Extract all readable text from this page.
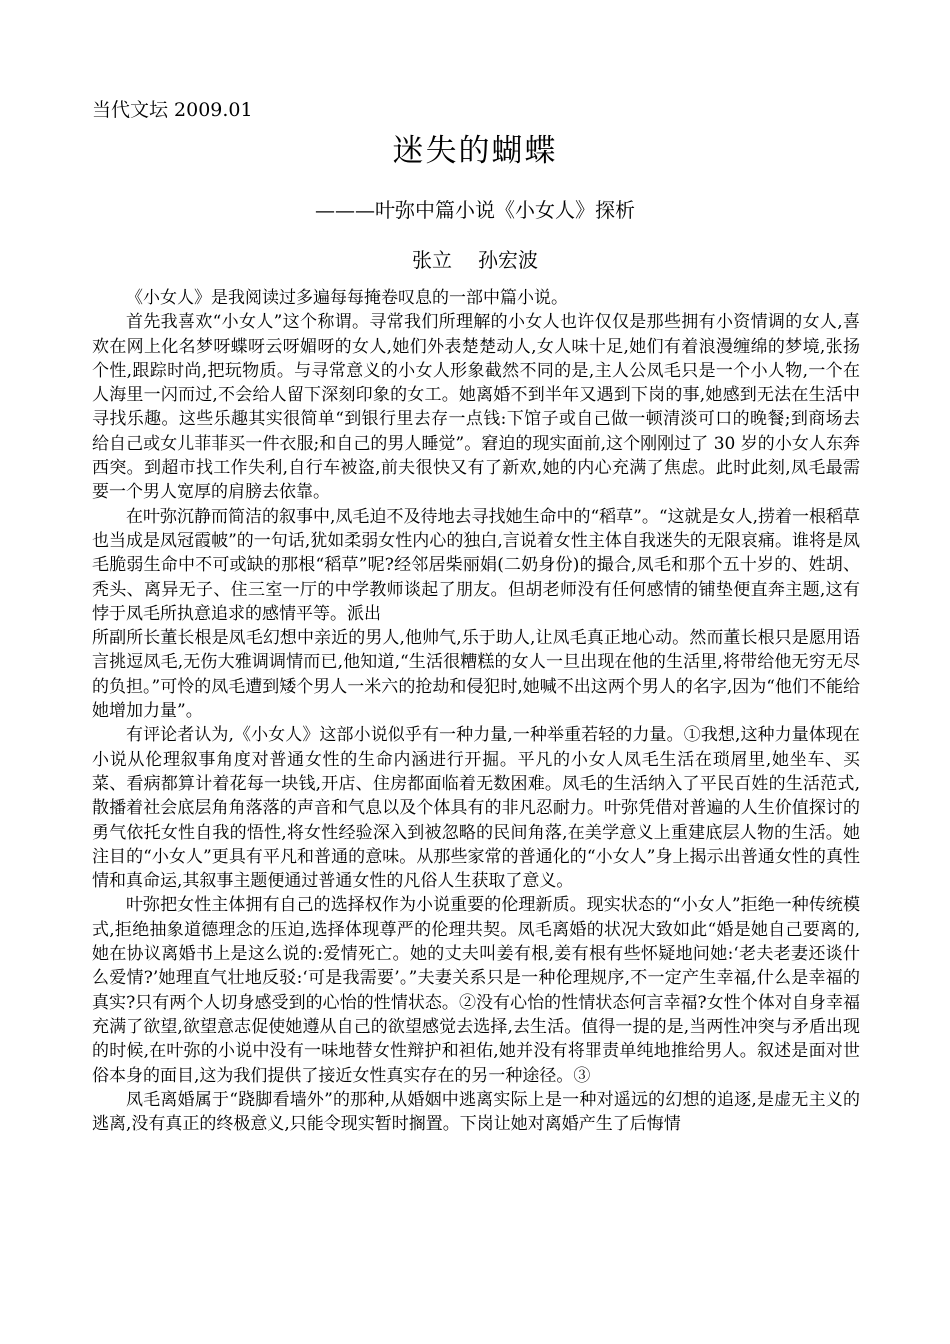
当代文坛 2009.01
迷失的蝴蝶
———叶弥中篇小说《小女人》探析
张立 孙宏波

《小女人》是我阅读过多遍每每掩卷叹息的一部中篇小说。

首先我喜欢“小女人”这个称谓。寻常我们所理解的小女人也许仅仅是那些拥有小资情调的女人,喜欢在网上化名梦呀蝶呀云呀媚呀的女人,她们外表楚楚动人,女人味十足,她们有着浪漫缠绵的梦境,张扬个性,跟踪时尚,把玩物质。与寻常意义的小女人形象截然不同的是,主人公凤毛只是一个小人物,一个在人海里一闪而过,不会给人留下深刻印象的女工。她离婚不到半年又遇到下岗的事,她感到无法在生活中寻找乐趣。这些乐趣其实很简单“到银行里去存一点钱:下馆子或自己做一顿清淡可口的晚餐;到商场去给自己或女儿菲菲买一件衣服;和自己的男人睡觉”。窘迫的现实面前,这个刚刚过了 30 岁的小女人东奔西突。到超市找工作失利,自行车被盗,前夫很快又有了新欢,她的内心充满了焦虑。此时此刻,凤毛最需要一个男人宽厚的肩膀去依靠。

在叶弥沉静而简洁的叙事中,凤毛迫不及待地去寻找她生命中的“稻草”。“这就是女人,捞着一根稻草也当成是凤冠霞帔”的一句话,犹如柔弱女性内心的独白,言说着女性主体自我迷失的无限哀痛。谁将是凤毛脆弱生命中不可或缺的那根“稻草”呢?经邻居柴丽娟(二奶身份)的撮合,凤毛和那个五十岁的、姓胡、秃头、离异无子、住三室一厅的中学教师谈起了朋友。但胡老师没有任何感情的铺垫便直奔主题,这有悖于凤毛所执意追求的感情平等。派出

所副所长董长根是凤毛幻想中亲近的男人,他帅气,乐于助人,让凤毛真正地心动。然而董长根只是愿用语言挑逗凤毛,无伤大雅调调情而已,他知道,“生活很糟糕的女人一旦出现在他的生活里,将带给他无穷无尽的负担。”可怜的凤毛遭到矮个男人一米六的抢劫和侵犯时,她喊不出这两个男人的名字,因为“他们不能给她增加力量”。

有评论者认为,《小女人》这部小说似乎有一种力量,一种举重若轻的力量。①我想,这种力量体现在小说从伦理叙事角度对普通女性的生命内涵进行开掘。平凡的小女人凤毛生活在琐屑里,她坐车、买菜、看病都算计着花每一块钱,开店、住房都面临着无数困难。凤毛的生活纳入了平民百姓的生活范式,散播着社会底层角角落落的声音和气息以及个体具有的非凡忍耐力。叶弥凭借对普遍的人生价值探讨的勇气依托女性自我的悟性,将女性经验深入到被忽略的民间角落,在美学意义上重建底层人物的生活。她注目的“小女人”更具有平凡和普通的意味。从那些家常的普通化的“小女人”身上揭示出普通女性的真性情和真命运,其叙事主题便通过普通女性的凡俗人生获取了意义。

叶弥把女性主体拥有自己的选择权作为小说重要的伦理新质。现实状态的“小女人”拒绝一种传统模式,拒绝抽象道德理念的压迫,选择体现尊严的伦理共契。凤毛离婚的状况大致如此“婚是她自己要离的,她在协议离婚书上是这么说的:爱情死亡。她的丈夫叫姜有根,姜有根有些怀疑地问她:‘老夫老妻还谈什么爱情?’她理直气壮地反驳:‘可是我需要’。”夫妻关系只是一种伦理规序,不一定产生幸福,什么是幸福的真实?只有两个人切身感受到的心怡的性情状态。②没有心怡的性情状态何言幸福?女性个体对自身幸福充满了欲望,欲望意志促使她遵从自己的欲望感觉去选择,去生活。值得一提的是,当两性冲突与矛盾出现的时候,在叶弥的小说中没有一味地替女性辩护和袒佑,她并没有将罪责单纯地推给男人。叙述是面对世俗本身的面目,这为我们提供了接近女性真实存在的另一种途径。③

凤毛离婚属于“跷脚看墙外”的那种,从婚姻中逃离实际上是一种对遥远的幻想的追逐,是虚无主义的逃离,没有真正的终极意义,只能令现实暂时搁置。下岗让她对离婚产生了后悔情
